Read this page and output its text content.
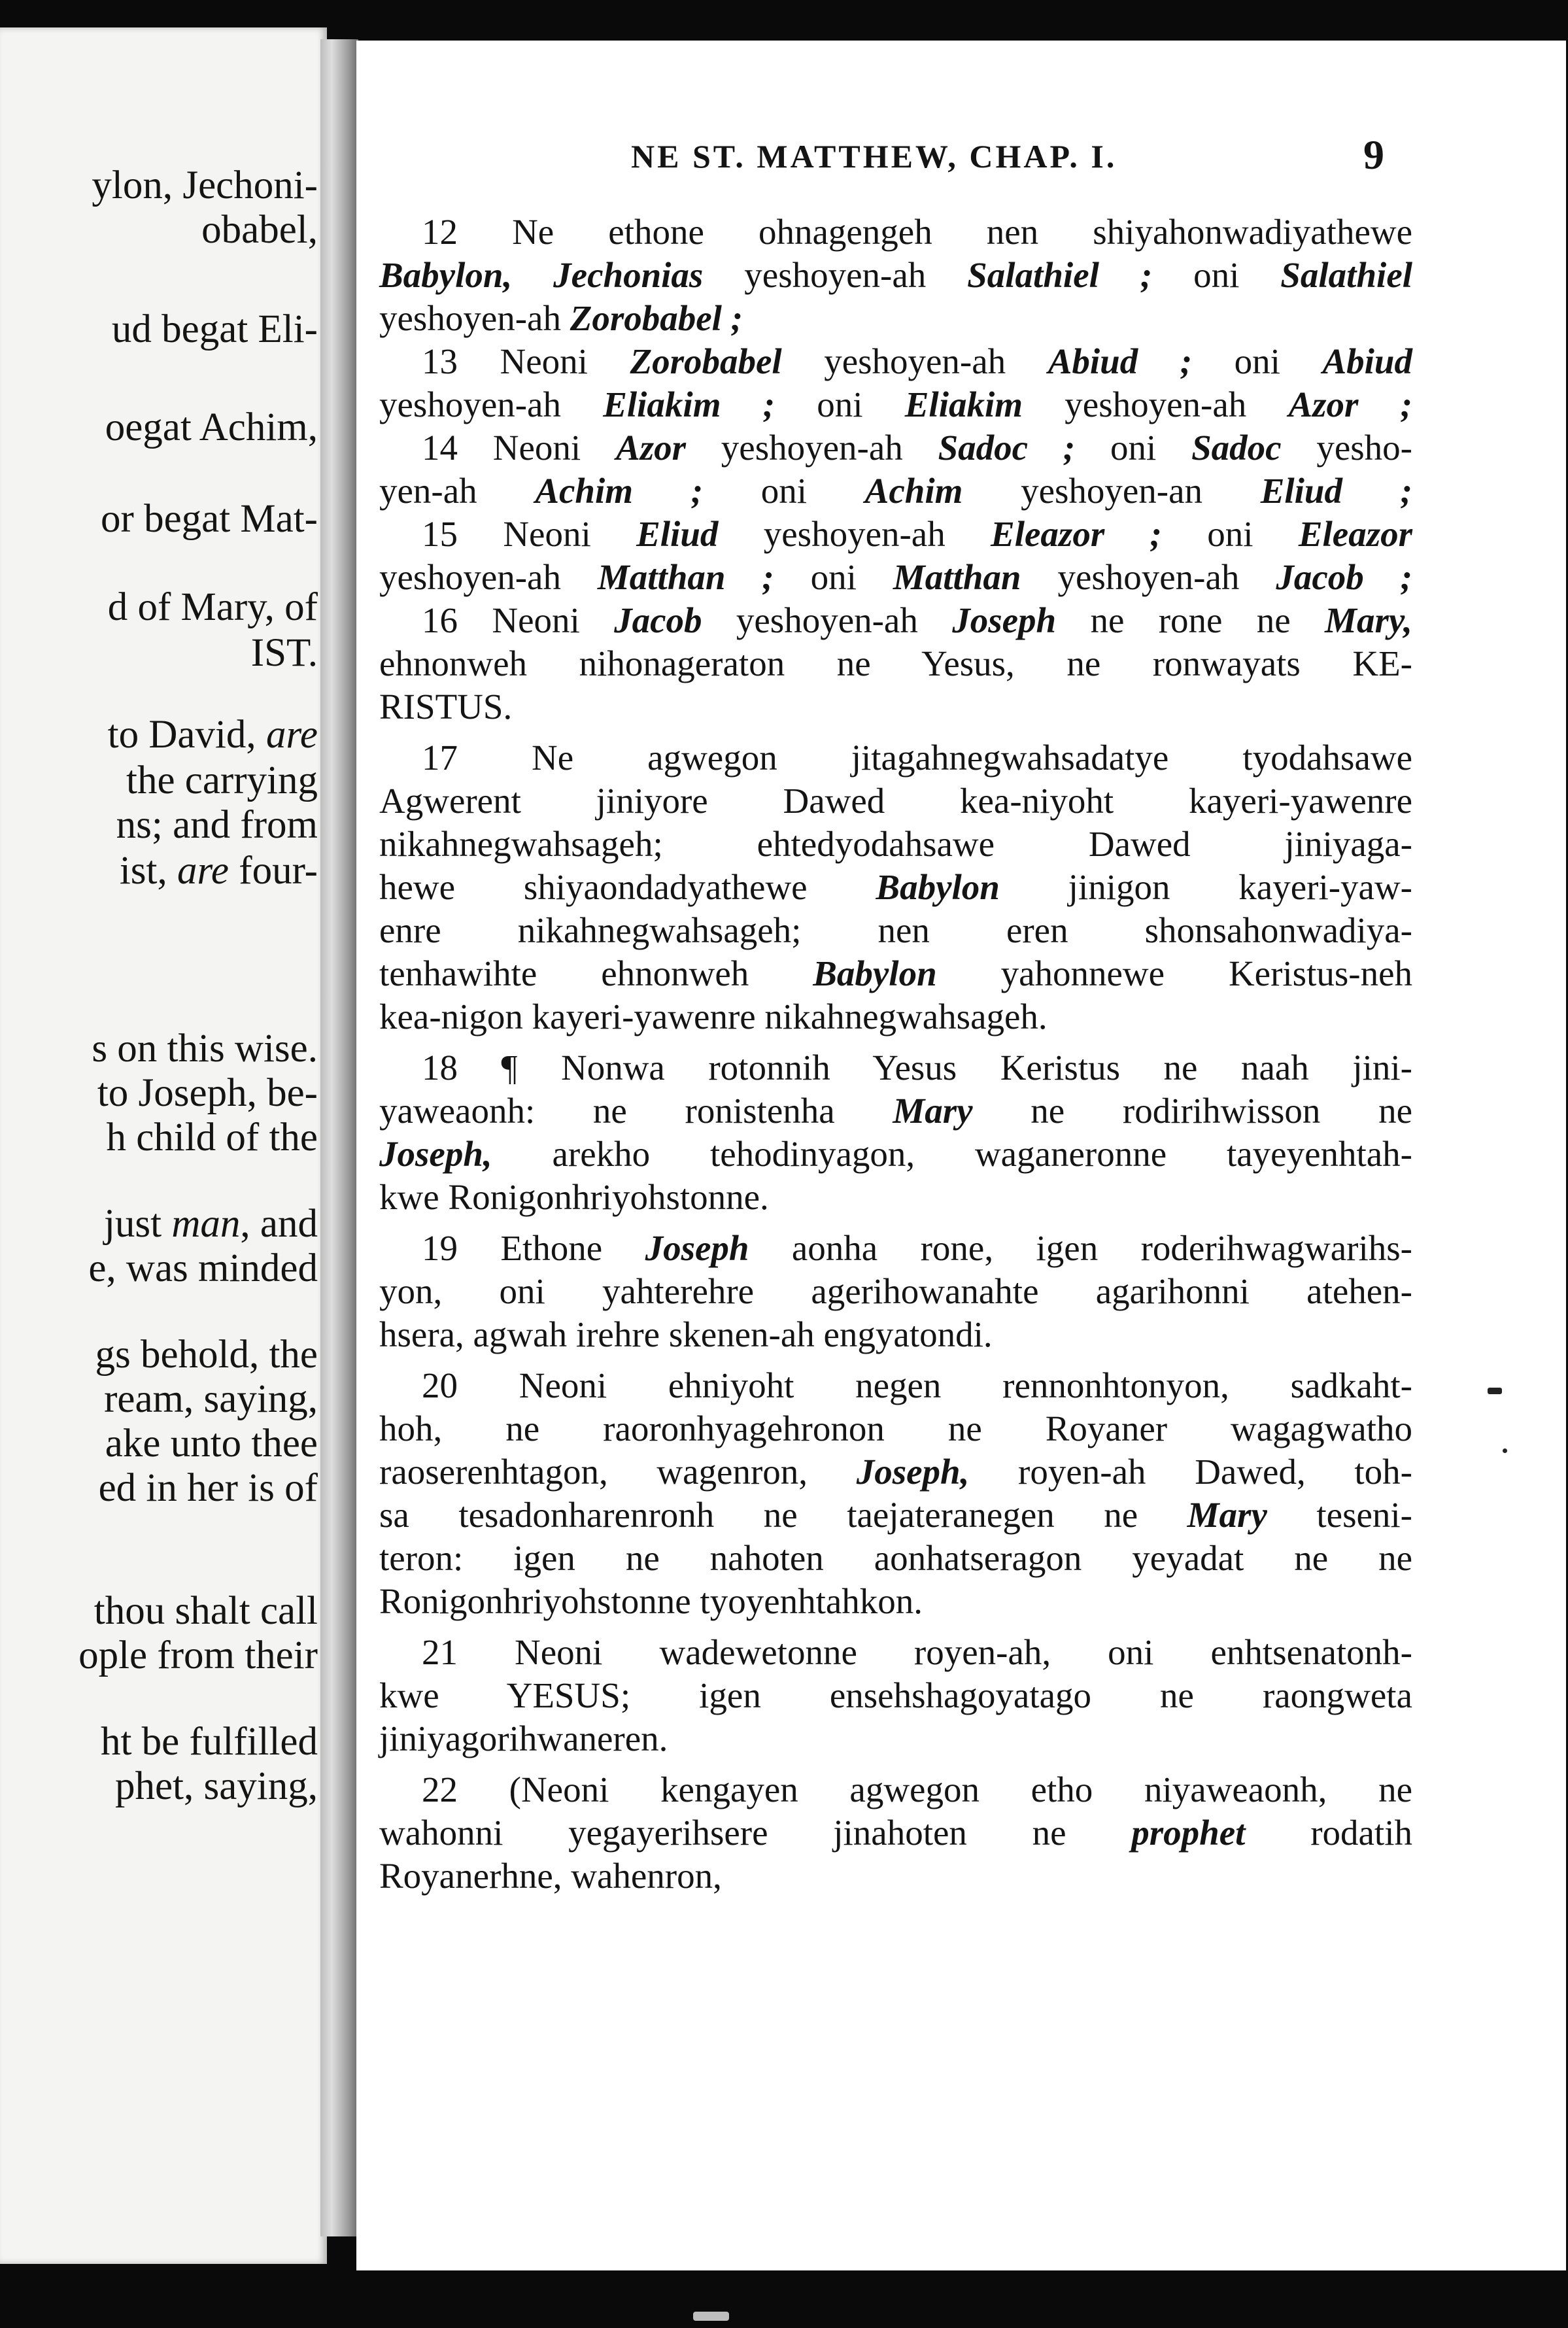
ylon, Jechoni-
obabel,
ud begat Eli-
oegat Achim,
or begat Mat-
d of Mary, of
IST.
to David, are
the carrying
ns; and from
ist, are four-
s on this wise.
to Joseph, be-
h child of the
just man, and
e, was minded
gs behold, the
ream, saying,
ake unto thee
ed in her is of
thou shalt call
ople from their
ht be fulfilled
phet, saying,
NE ST. MATTHEW, CHAP. I.	9
12 Ne ethone ohnagengeh nen shiyahonwadiyathewe
Babylon, Jechonias yeshoyen-ah Salathiel ; oni Salathiel
yeshoyen-ah Zorobabel ;
13 Neoni Zorobabel yeshoyen-ah Abiud ; oni Abiud
yeshoyen-ah Eliakim ; oni Eliakim yeshoyen-ah Azor ;
14 Neoni Azor yeshoyen-ah Sadoc ; oni Sadoc yesho-
yen-ah Achim ; oni Achim yeshoyen-an Eliud ;
15 Neoni Eliud yeshoyen-ah Eleazor ; oni Eleazor
yeshoyen-ah Matthan ; oni Matthan yeshoyen-ah Jacob ;
16 Neoni Jacob yeshoyen-ah Joseph ne rone ne Mary,
ehnonweh nihonageraton ne Yesus, ne ronwayats KE-
RISTUS.
17 Ne agwegon jitagahnegwahsadatye tyodahsawe
Agwerent jiniyore Dawed kea-niyoht kayeri-yawenre
nikahnegwahsageh; ehtedyodahsawe Dawed jiniyaga-
hewe shiyaondadyathewe Babylon jinigon kayeri-yaw-
enre nikahnegwahsageh; nen eren shonsahonwadiya-
tenhawihte ehnonweh Babylon yahonnewe Keristus-neh
kea-nigon kayeri-yawenre nikahnegwahsageh.
18 ¶ Nonwa rotonnih Yesus Keristus ne naah jini-
yaweaonh: ne ronistenha Mary ne rodirihwisson ne
Joseph, arekho tehodinyagon, waganeronne tayeyenhtah-
kwe Ronigonhriyohstonne.
19 Ethone Joseph aonha rone, igen roderihwagwarihs-
yon, oni yahterehre agerihowanahte agarihonni atehen-
hsera, agwah irehre skenen-ah engyatondi.
20 Neoni ehniyoht negen rennonhtonyon, sadkaht-
hoh, ne raoronhyagehronon ne Royaner wagagwatho
raoserenhtagon, wagenron, Joseph, royen-ah Dawed, toh-
sa tesadonharenronh ne taejateranegen ne Mary teseni-
teron: igen ne nahoten aonhatseragon yeyadat ne ne
Ronigonhriyohstonne tyoyenhtahkon.
21 Neoni wadewetonne royen-ah, oni enhtsenatonh-
kwe YESUS; igen ensehshagoyatago ne raongweta
jiniyagorihwaneren.
22 (Neoni kengayen agwegon etho niyaweaonh, ne
wahonni yegayerihsere jinahoten ne prophet rodatih
Royanerhne, wahenron,
